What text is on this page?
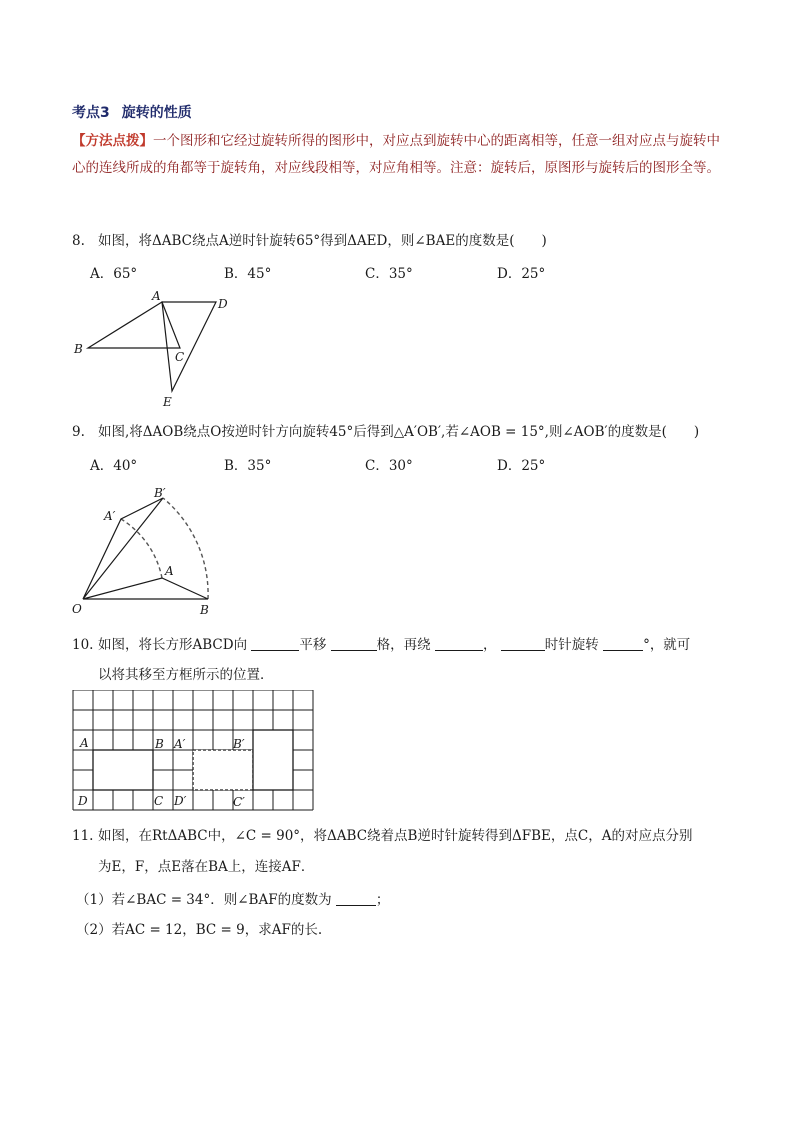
考点3 旋转的性质
【方法点拨】一个图形和它经过旋转所得的图形中，对应点到旋转中心的距离相等，任意一组对应点与旋转中心的连线所成的角都等于旋转角，对应线段相等，对应角相等。注意：旋转后，原图形与旋转后的图形全等。
8. 如图，将ΔABC绕点A逆时针旋转65°得到ΔAED，则∠BAE的度数是(　　)
A．65°	B．45°	C．35°	D．25°
A
D
B
C
E
9. 如图,将ΔAOB绕点O按逆时针方向旋转45°后得到△A′OB′,若∠AOB = 15°,则∠AOB′的度数是(　　)
A．40°	B．35°	C．30°	D．25°
B′
A′
A
O	B
10. 如图，将长方形ABCD向	平移	格，再绕	，	时针旋转	°，就可
以将其移至方框所示的位置．
A	B A′	B′
D	C D′	C′
11. 如图，在RtΔABC中，∠C = 90°，将ΔABC绕着点B逆时针旋转得到ΔFBE，点C，A的对应点分别
为E，F，点E落在BA上，连接AF．
（1）若∠BAC = 34°．则∠BAF的度数为	；
（2）若AC = 12，BC = 9，求AF的长.
